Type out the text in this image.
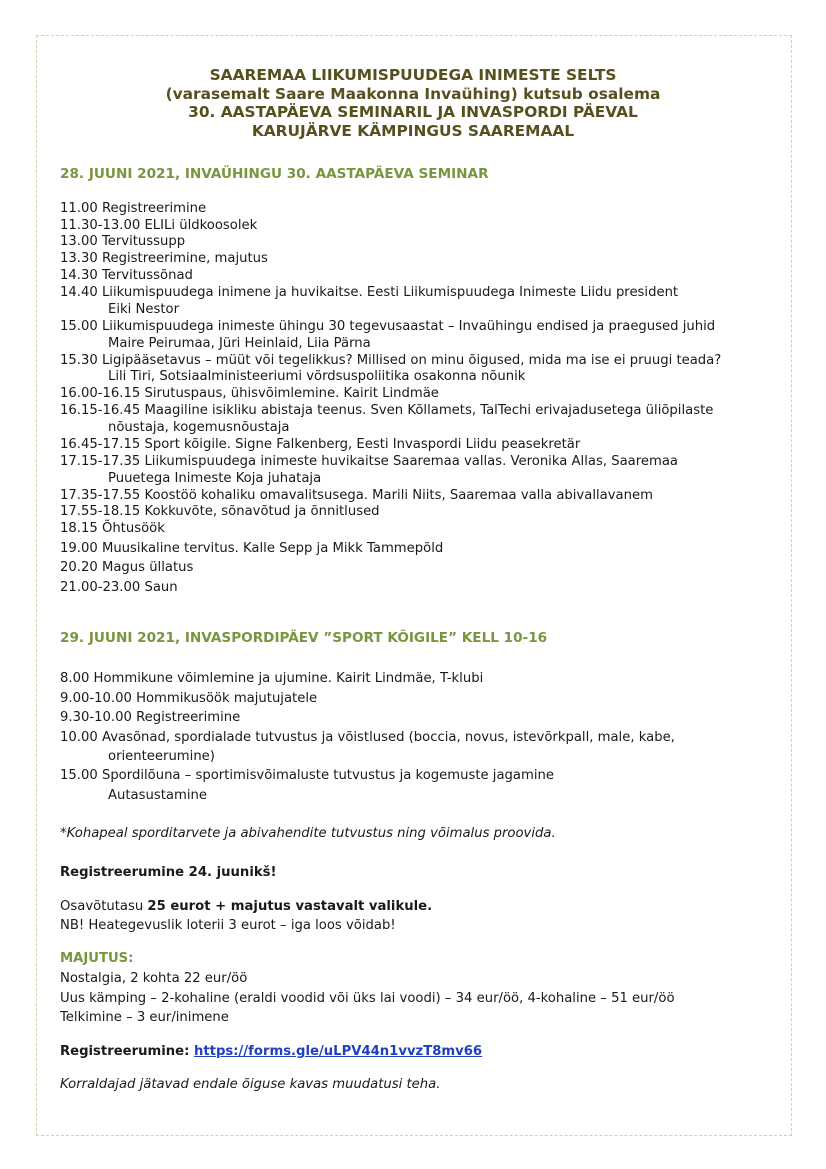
SAAREMAA LIIKUMISPUUDEGA INIMESTE SELTS
(varasemalt Saare Maakonna Invaühing) kutsub osalema
30. AASTAPÄEVA SEMINARIL JA INVASPORDI PÄEVAL
KARUJÄRVE KÄMPINGUS SAAREMAAL
28. JUUNI 2021, INVAÜHINGU 30. AASTAPÄEVA SEMINAR
11.00 Registreerimine
11.30-13.00 ELILi üldkoosolek
13.00 Tervitussupp
13.30 Registreerimine, majutus
14.30 Tervitussõnad
14.40 Liikumispuudega inimene ja huvikaitse. Eesti Liikumispuudega Inimeste Liidu president
Eiki Nestor
15.00 Liikumispuudega inimeste ühingu 30 tegevusaastat – Invaühingu endised ja praegused juhid
Maire Peirumaa, Jüri Heinlaid, Liia Pärna
15.30 Ligipääsetavus – müüt või tegelikkus? Millised on minu õigused, mida ma ise ei pruugi teada?
Lili Tiri, Sotsiaalministeeriumi võrdsuspoliitika osakonna nõunik
16.00-16.15 Sirutuspaus, ühisvõimlemine. Kairit Lindmäe
16.15-16.45 Maagiline isikliku abistaja teenus. Sven Kõllamets, TalTechi erivajadusetega üliõpilaste
nõustaja, kogemusnõustaja
16.45-17.15 Sport kõigile. Signe Falkenberg, Eesti Invaspordi Liidu peasekretär
17.15-17.35 Liikumispuudega inimeste huvikaitse Saaremaa vallas. Veronika Allas, Saaremaa
Puuetega Inimeste Koja juhataja
17.35-17.55 Koostöö kohaliku omavalitsusega. Marili Niits, Saaremaa valla abivallavanem
17.55-18.15 Kokkuvõte, sõnavõtud ja õnnitlused
18.15 Õhtusöök
19.00 Muusikaline tervitus. Kalle Sepp ja Mikk Tammepõld
20.20 Magus üllatus
21.00-23.00 Saun
29. JUUNI 2021, INVASPORDIPÄEV ”SPORT KÕIGILE” KELL 10-16
8.00 Hommikune võimlemine ja ujumine. Kairit Lindmäe, T-klubi
9.00-10.00 Hommikusöök majutujatele
9.30-10.00 Registreerimine
10.00 Avasõnad, spordialade tutvustus ja võistlused (boccia, novus, istevõrkpall, male, kabe,
orienteerumine)
15.00 Spordilõuna – sportimisvõimaluste tutvustus ja kogemuste jagamine
Autasustamine
*Kohapeal sporditarvete ja abivahendite tutvustus ning võimalus proovida.
Registreerumine 24. juunikš!
Osavõtutasu 25 eurot + majutus vastavalt valikule.
NB! Heategevuslik loterii 3 eurot – iga loos võidab!
MAJUTUS:
Nostalgia, 2 kohta 22 eur/öö
Uus kämping – 2-kohaline (eraldi voodid või üks lai voodi) – 34 eur/öö, 4-kohaline – 51 eur/öö
Telkimine – 3 eur/inimene
Registreerumine: https://forms.gle/uLPV44n1vvzT8mv66
Korraldajad jätavad endale õiguse kavas muudatusi teha.
